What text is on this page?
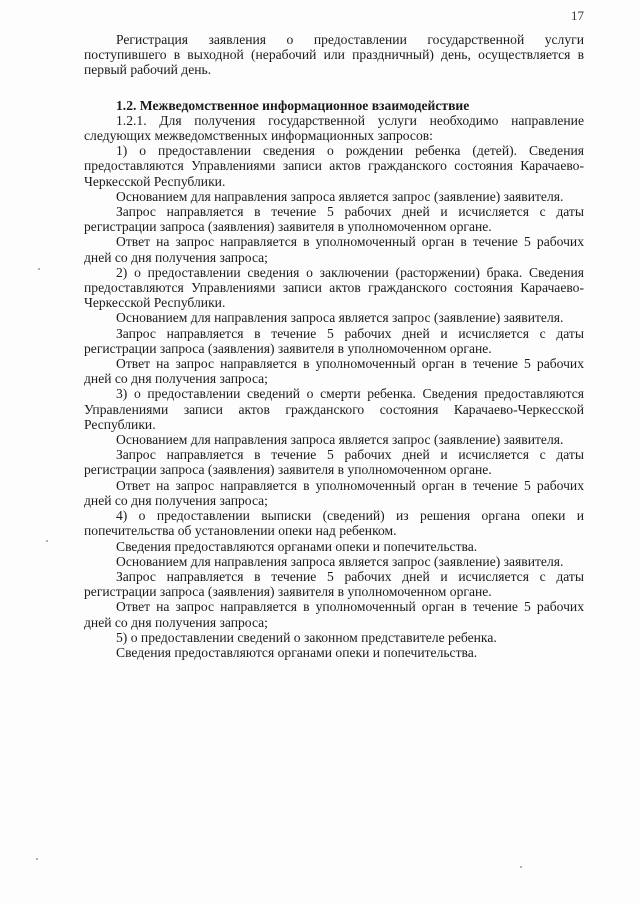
17

Регистрация заявления о предоставлении государственной услуги поступившего в выходной (нерабочий или праздничный) день, осуществляется в первый рабочий день.

1.2. Межведомственное информационное взаимодействие

1.2.1. Для получения государственной услуги необходимо направление следующих межведомственных информационных запросов:

1) о предоставлении сведения о рождении ребенка (детей). Сведения предоставляются Управлениями записи актов гражданского состояния Карачаево-Черкесской Республики.

Основанием для направления запроса является запрос (заявление) заявителя.

Запрос направляется в течение 5 рабочих дней и исчисляется с даты регистрации запроса (заявления) заявителя в уполномоченном органе.

Ответ на запрос направляется в уполномоченный орган в течение 5 рабочих дней со дня получения запроса;

2) о предоставлении сведения о заключении (расторжении) брака. Сведения предоставляются Управлениями записи актов гражданского состояния Карачаево-Черкесской Республики.

Основанием для направления запроса является запрос (заявление) заявителя.

Запрос направляется в течение 5 рабочих дней и исчисляется с даты регистрации запроса (заявления) заявителя в уполномоченном органе.

Ответ на запрос направляется в уполномоченный орган в течение 5 рабочих дней со дня получения запроса;

3) о предоставлении сведений о смерти ребенка. Сведения предоставляются Управлениями записи актов гражданского состояния Карачаево-Черкесской Республики.

Основанием для направления запроса является запрос (заявление) заявителя.

Запрос направляется в течение 5 рабочих дней и исчисляется с даты регистрации запроса (заявления) заявителя в уполномоченном органе.

Ответ на запрос направляется в уполномоченный орган в течение 5 рабочих дней со дня получения запроса;

4) о предоставлении выписки (сведений) из решения органа опеки и попечительства об установлении опеки над ребенком.

Сведения предоставляются органами опеки и попечительства.

Основанием для направления запроса является запрос (заявление) заявителя.

Запрос направляется в течение 5 рабочих дней и исчисляется с даты регистрации запроса (заявления) заявителя в уполномоченном органе.

Ответ на запрос направляется в уполномоченный орган в течение 5 рабочих дней со дня получения запроса;

5) о предоставлении сведений о законном представителе ребенка.

Сведения предоставляются органами опеки и попечительства.
